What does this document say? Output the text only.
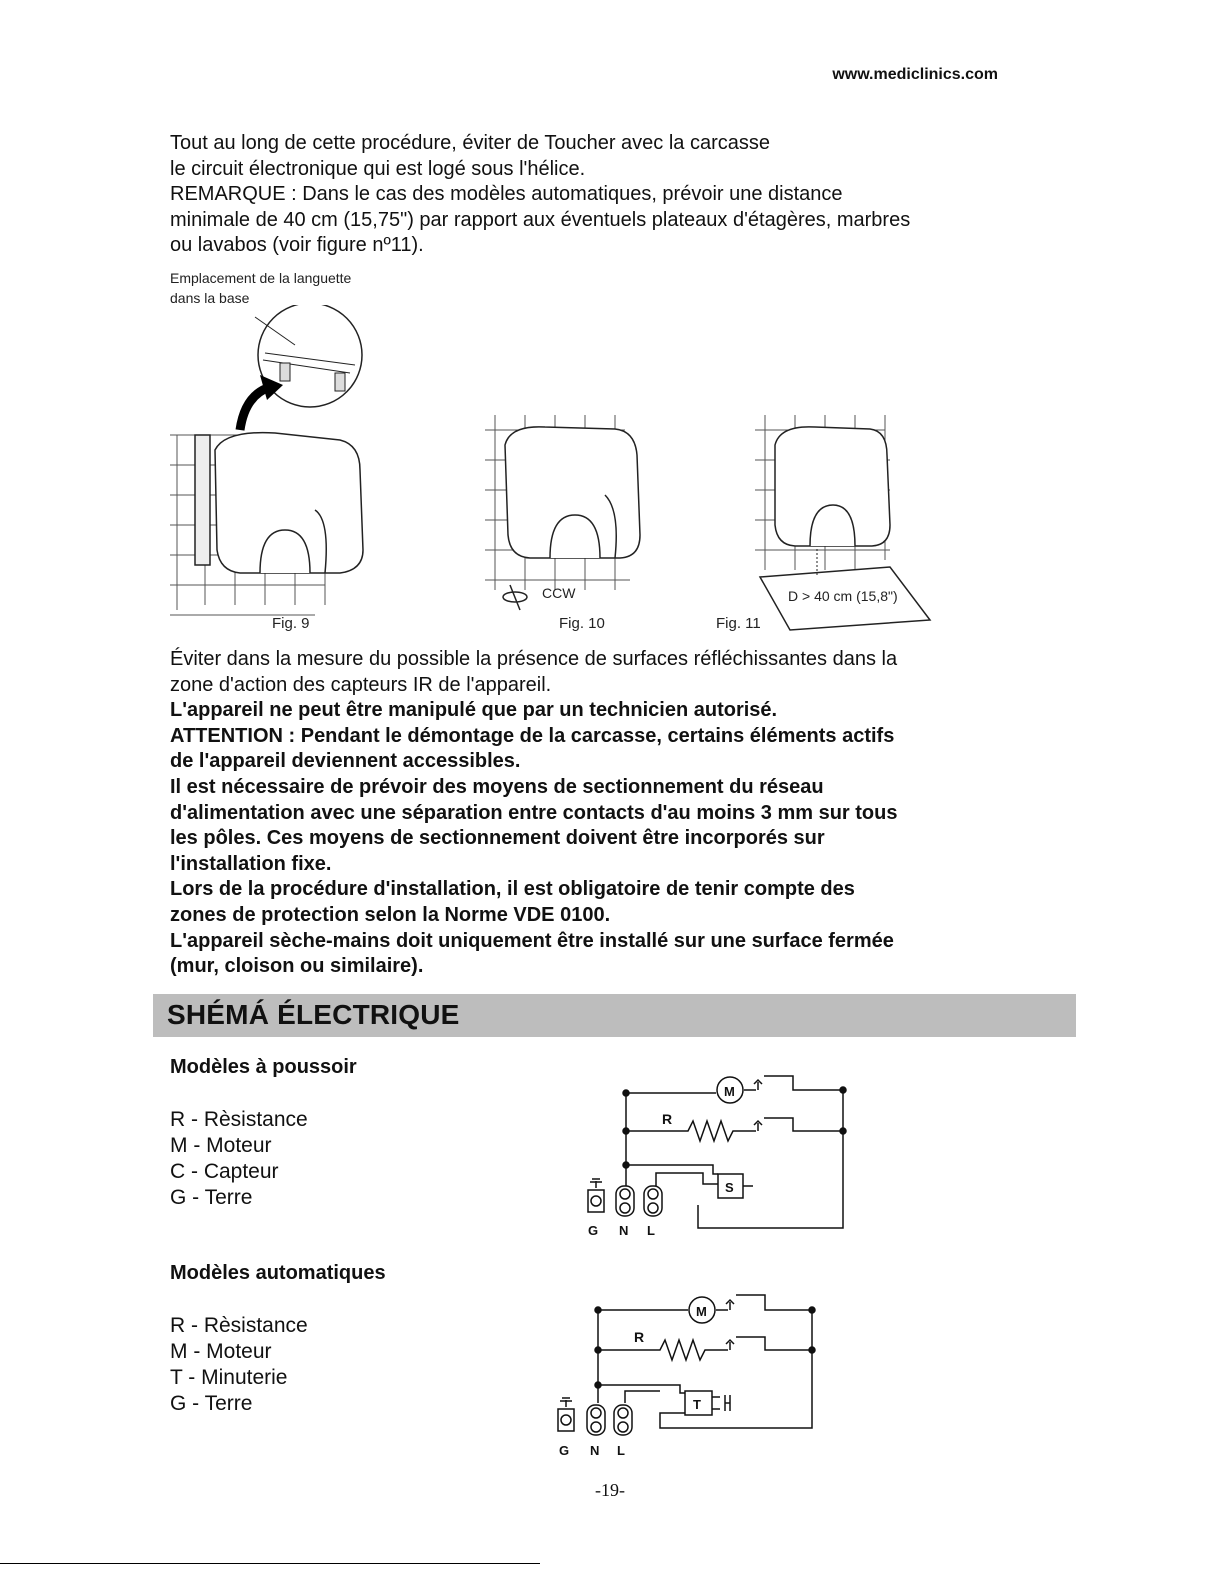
www.mediclinics.com
Tout au long de cette procédure, éviter de Toucher avec la carcasse
le circuit électronique qui est logé sous l'hélice.
REMARQUE : Dans le cas des modèles automatiques, prévoir une distance
minimale de 40 cm (15,75") par rapport aux éventuels plateaux d'étagères, marbres
ou lavabos (voir figure nº11).
Emplacement de la languette
dans la base
CCW	D > 40 cm (15,8")
Fig. 9	Fig. 10	Fig. 11
Éviter dans la mesure du possible la présence de surfaces réfléchissantes dans la
zone d'action des capteurs IR de l'appareil.
L'appareil ne peut être manipulé que par un technicien autorisé.
ATTENTION : Pendant le démontage de la carcasse, certains éléments actifs
de l'appareil deviennent accessibles.
Il est nécessaire de prévoir des moyens de sectionnement du réseau
d'alimentation avec une séparation entre contacts d'au moins 3 mm sur tous
les pôles. Ces moyens de sectionnement doivent être incorporés sur
l'installation fixe.
Lors de la procédure d'installation, il est obligatoire de tenir compte des
zones de protection selon la Norme VDE 0100.
L'appareil sèche-mains doit uniquement être installé sur une surface fermée
(mur, cloison ou similaire).
SHÉMÁ ÉLECTRIQUE
Modèles à poussoir
R - Rèsistance
M - Moteur
C - Capteur
G - Terre
M
R
S
G N L
Modèles automatiques
R - Rèsistance
M - Moteur
T - Minuterie
G - Terre
M
R
T
G N L
-19-
